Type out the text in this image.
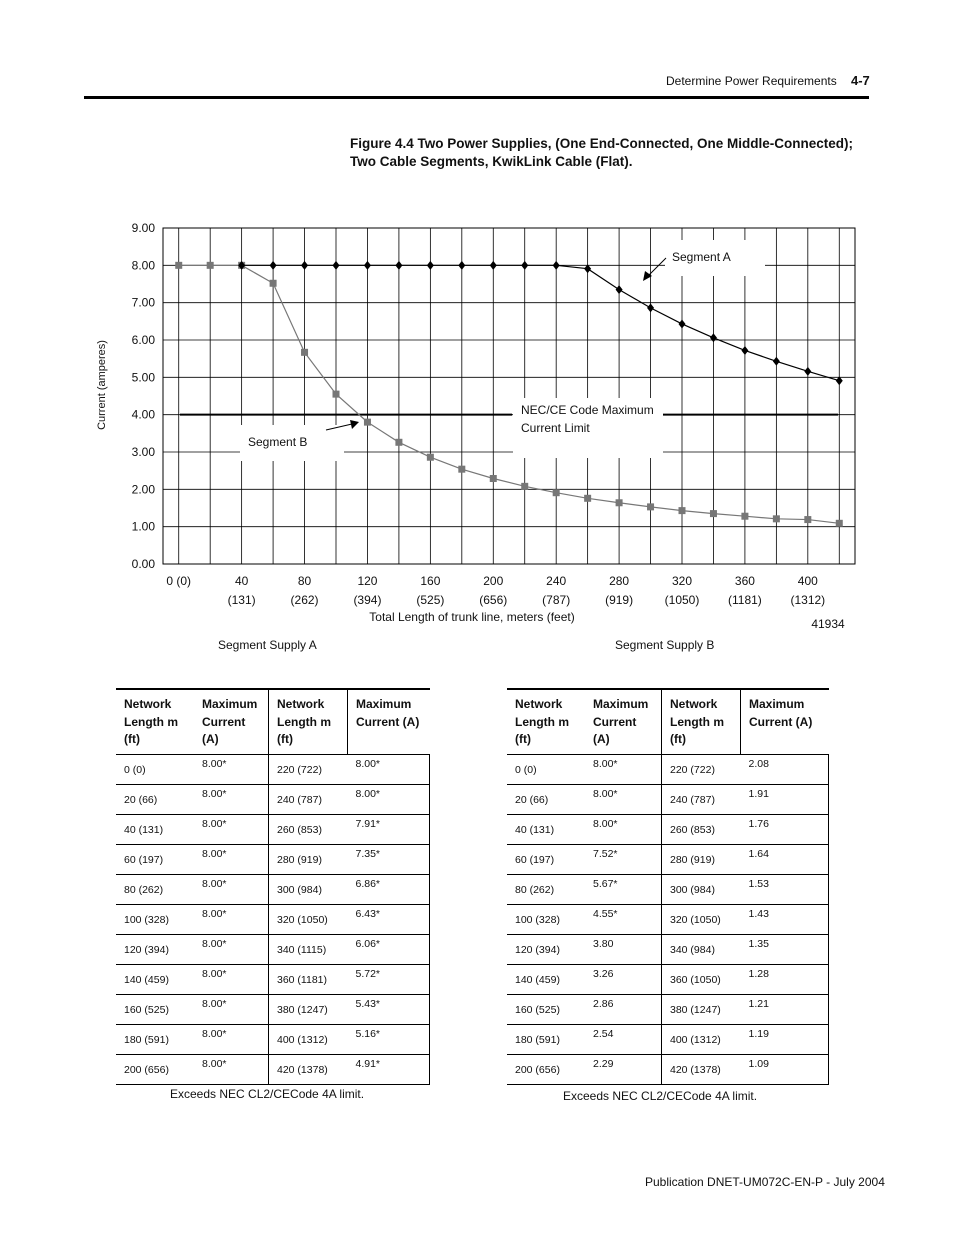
Determine Power Requirements 4-7
Figure 4.4 Two Power Supplies, (One End-Connected, One Middle-Connected);
Two Cable Segments, KwikLink Cable (Flat).
0.00
1.00
2.00
3.00
4.00
5.00
6.00
7.00
8.00
9.00
0 (0)	40
(131)
80
(262)
120
(394)
160
(525)
200
(656)
240
(787)
280
(919)
320
(1050)
360
(1181)
400
(1312)
Total Length of trunk line, meters (feet)
Current (amperes)
41934
NEC/CE Code Maximum
Current Limit
Segment A
Segment B
Segment Supply A	Segment Supply B
Network Length m (ft)	Maximum Current (A)	Network Length m (ft)	Maximum Current (A)
0 (0)	8.00*	220 (722)	8.00*
20 (66)	8.00*	240 (787)	8.00*
40 (131)	8.00*	260 (853)	7.91*
60 (197)	8.00*	280 (919)	7.35*
80 (262)	8.00*	300 (984)	6.86*
100 (328)	8.00*	320 (1050)	6.43*
120 (394)	8.00*	340 (1115)	6.06*
140 (459)	8.00*	360 (1181)	5.72*
160 (525)	8.00*	380 (1247)	5.43*
180 (591)	8.00*	400 (1312)	5.16*
200 (656)	8.00*	420 (1378)	4.91*
Network Length m (ft)	Maximum Current (A)	Network Length m (ft)	Maximum Current (A)
0 (0)	8.00*	220 (722)	2.08
20 (66)	8.00*	240 (787)	1.91
40 (131)	8.00*	260 (853)	1.76
60 (197)	7.52*	280 (919)	1.64
80 (262)	5.67*	300 (984)	1.53
100 (328)	4.55*	320 (1050)	1.43
120 (394)	3.80	340 (984)	1.35
140 (459)	3.26	360 (1050)	1.28
160 (525)	2.86	380 (1247)	1.21
180 (591)	2.54	400 (1312)	1.19
200 (656)	2.29	420 (1378)	1.09
Exceeds NEC CL2/CECode 4A limit.	Exceeds NEC CL2/CECode 4A limit.
Publication DNET-UM072C-EN-P - July 2004
